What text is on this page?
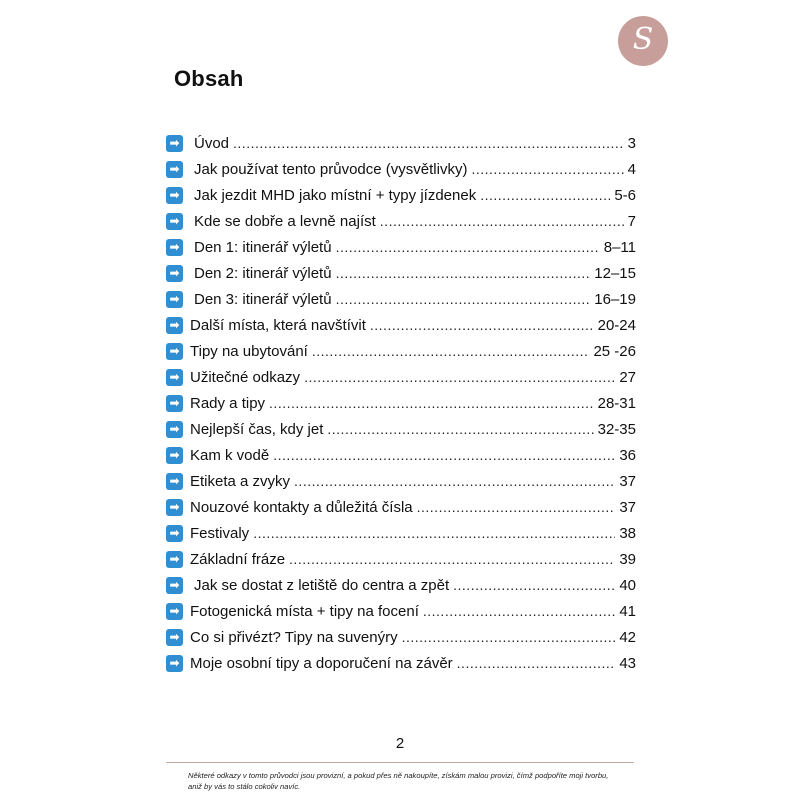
S
Obsah
➡ Úvod .....	3
➡ Jak používat tento průvodce (vysvětlivky) .....	4
➡ Jak jezdit MHD jako místní + typy jízdenek .....	5-6
➡ Kde se dobře a levně najíst .....	7
➡ Den 1: itinerář výletů .....	8–11
➡ Den 2: itinerář výletů .....	12–15
➡ Den 3: itinerář výletů .....	16–19
➡ Další místa, která navštívit .....	20-24
➡ Tipy na ubytování .....	25 -26
➡ Užitečné odkazy .....	27
➡ Rady a tipy .....	28-31
➡ Nejlepší čas, kdy jet .....	32-35
➡ Kam k vodě .....	36
➡ Etiketa a zvyky .....	37
➡ Nouzové kontakty a důležitá čísla .....	37
➡ Festivaly .....	38
➡ Základní fráze .....	39
➡ Jak se dostat z letiště do centra a zpět .....	40
➡ Fotogenická místa + tipy na focení .....	41
➡ Co si přivézt? Tipy na suvenýry .....	42
➡ Moje osobní tipy a doporučení na závěr .....	43
2
Některé odkazy v tomto průvodci jsou provizní, a pokud přes ně nakoupíte, získám malou provizi, čímž podpoříte moji tvorbu, aniž by vás to stálo cokoliv navíc.
